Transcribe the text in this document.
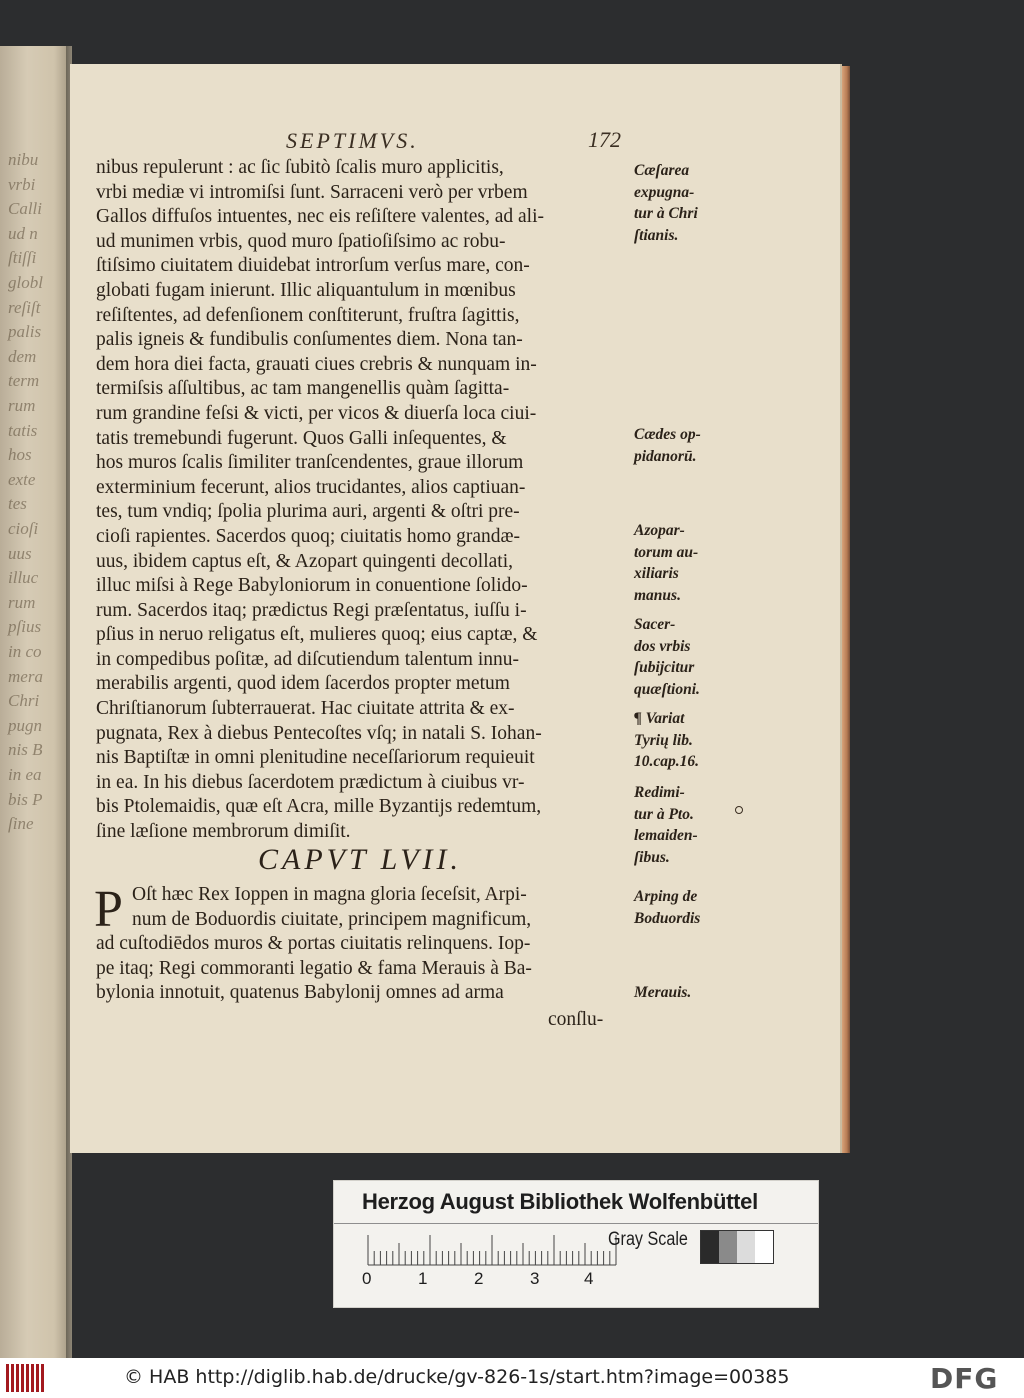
nibu
vrbi
Calli
ud n
ſtiſſi
globl
reſiſt
palis
dem
term
rum
tatis
hos
exte
tes
cioſi
uus
illuc
rum
pſius
in co
mera
Chri
pugn
nis B
in ea
bis P
ſine
SEPTIMVS.	172
nibus repulerunt : ac ſic ſubitò ſcalis muro applicitis,
vrbi mediæ vi intromiſsi ſunt. Sarraceni verò per vrbem
Gallos diffuſos intuentes, nec eis reſiſtere valentes, ad ali-
ud munimen vrbis, quod muro ſpatioſiſsimo ac robu-
ſtiſsimo ciuitatem diuidebat introrſum verſus mare, con-
globati fugam inierunt. Illic aliquantulum in mœnibus
reſiſtentes, ad defenſionem conſtiterunt, fruſtra ſagittis,
palis igneis & fundibulis conſumentes diem. Nona tan-
dem hora diei facta, grauati ciues crebris & nunquam in-
termiſsis aſſultibus, ac tam mangenellis quàm ſagitta-
rum grandine feſsi & victi, per vicos & diuerſa loca ciui-
tatis tremebundi fugerunt. Quos Galli inſequentes, &
hos muros ſcalis ſimiliter tranſcendentes, graue illorum
exterminium fecerunt, alios trucidantes, alios captiuan-
tes, tum vndiq; ſpolia plurima auri, argenti & oſtri pre-
cioſi rapientes. Sacerdos quoq; ciuitatis homo grandæ-
uus, ibidem captus eſt, & Azopart quingenti decollati,
illuc miſsi à Rege Babyloniorum in conuentione ſolido-
rum. Sacerdos itaq; prædictus Regi præſentatus, iuſſu i-
pſius in neruo religatus eſt, mulieres quoq; eius captæ, &
in compedibus poſitæ, ad diſcutiendum talentum innu-
merabilis argenti, quod idem ſacerdos propter metum
Chriſtianorum ſubterrauerat. Hac ciuitate attrita & ex-
pugnata, Rex à diebus Pentecoſtes vſq; in natali S. Iohan-
nis Baptiſtæ in omni plenitudine neceſſariorum requieuit
in ea. In his diebus ſacerdotem prædictum à ciuibus vr-
bis Ptolemaidis, quæ eſt Acra, mille Byzantijs redemtum,
ſine læſione membrorum dimiſit.
CAPVT LVII.
P Oſt hæc Rex Ioppen in magna gloria ſeceſsit, Arpi-
num de Boduordis ciuitate, principem magnificum,
ad cuſtodiēdos muros & portas ciuitatis relinquens. Iop-
pe itaq; Regi commoranti legatio & fama Merauis à Ba-
bylonia innotuit, quatenus Babylonij omnes ad arma
conſlu-
Cæſarea
expugna-
tur à Chri
ſtianis.
Cædes op-
pidanorū.
Azopar-
torum au-
xiliaris
manus.
Sacer-
dos vrbis
ſubijcitur
quæſtioni.
¶ Variat
Tyrių lib.
10.cap.16.
Redimi-
tur à Pto.
lemaiden-
ſibus.
Arping de
Boduordis
Merauis.
Herzog August Bibliothek Wolfenbüttel
Gray Scale
0	1	2	3	4
© HAB http://diglib.hab.de/drucke/gv-826-1s/start.htm?image=00385	DFG
